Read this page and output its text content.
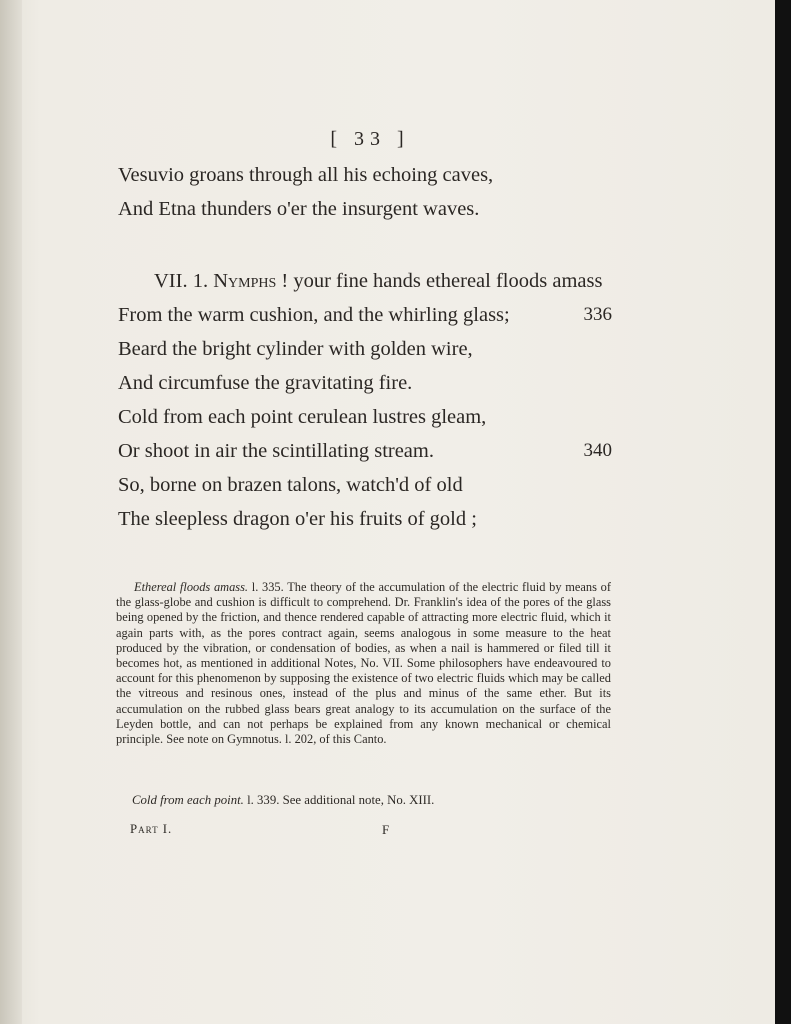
[ 33 ]
Vesuvio groans through all his echoing caves,
And Etna thunders o'er the insurgent waves.
VII. 1. Nymphs ! your fine hands ethereal floods amass
From the warm cushion, and the whirling glass;	336
Beard the bright cylinder with golden wire,
And circumfuse the gravitating fire.
Cold from each point cerulean lustres gleam,
Or shoot in air the scintillating stream.	340
So, borne on brazen talons, watch'd of old
The sleepless dragon o'er his fruits of gold ;

Ethereal floods amass. l. 335. The theory of the accumulation of the electric fluid by means of the glass-globe and cushion is difficult to comprehend. Dr. Franklin's idea of the pores of the glass being opened by the friction, and thence rendered capable of attracting more electric fluid, which it again parts with, as the pores contract again, seems analogous in some measure to the heat produced by the vibration, or condensation of bodies, as when a nail is hammered or filed till it becomes hot, as mentioned in additional Notes, No. VII. Some philosophers have endeavoured to account for this phenomenon by supposing the existence of two electric fluids which may be called the vitreous and resinous ones, instead of the plus and minus of the same ether. But its accumulation on the rubbed glass bears great analogy to its accumulation on the surface of the Leyden bottle, and can not perhaps be explained from any known mechanical or chemical principle. See note on Gymnotus. l. 202, of this Canto.

Cold from each point. l. 339. See additional note, No. XIII.
Part I.	F
